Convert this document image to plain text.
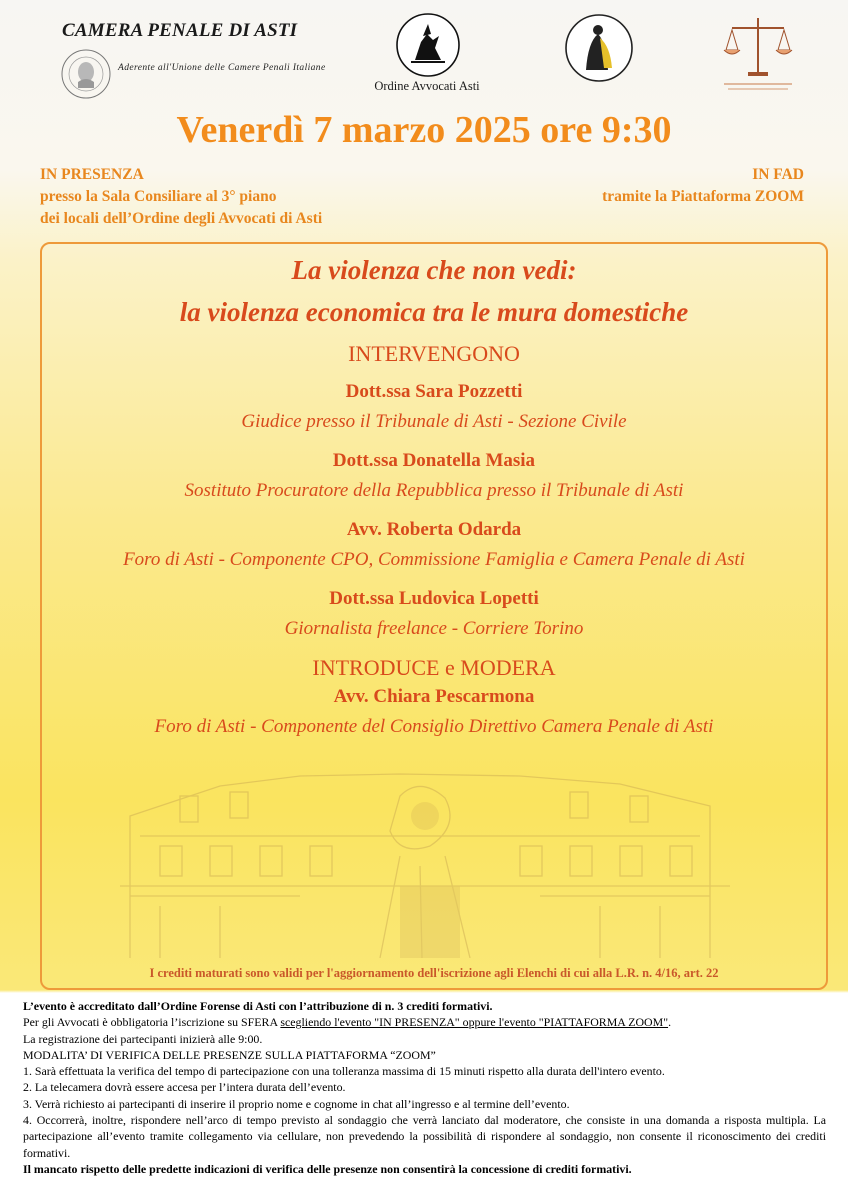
CAMERA PENALE DI ASTI
Aderente all'Unione delle Camere Penali Italiane
Ordine Avvocati Asti
Venerdì 7 marzo 2025 ore 9:30
IN PRESENZA
presso la Sala Consiliare al 3° piano
dei locali dell’Ordine degli Avvocati di Asti
IN FAD
tramite la Piattaforma ZOOM
La violenza che non vedi:
la violenza economica tra le mura domestiche
INTERVENGONO
Dott.ssa Sara Pozzetti
Giudice presso il Tribunale di Asti - Sezione Civile
Dott.ssa Donatella Masia
Sostituto Procuratore della Repubblica presso il Tribunale di Asti
Avv. Roberta Odarda
Foro di Asti - Componente CPO, Commissione Famiglia e Camera Penale di Asti
Dott.ssa Ludovica Lopetti
Giornalista freelance - Corriere Torino
INTRODUCE e MODERA
Avv. Chiara Pescarmona
Foro di Asti - Componente del Consiglio Direttivo Camera Penale di Asti
I crediti maturati sono validi per l'aggiornamento dell'iscrizione agli Elenchi di cui alla L.R. n. 4/16, art. 22

L’evento è accreditato dall’Ordine Forense di Asti con l’attribuzione di n. 3 crediti formativi.

Per gli Avvocati è obbligatoria l’iscrizione su SFERA scegliendo l'evento "IN PRESENZA" oppure l'evento "PIATTAFORMA ZOOM".

La registrazione dei partecipanti inizierà alle 9:00.

MODALITA’ DI VERIFICA DELLE PRESENZE SULLA PIATTAFORMA “ZOOM”

1. Sarà effettuata la verifica del tempo di partecipazione con una tolleranza massima di 15 minuti rispetto alla durata dell'intero evento.

2. La telecamera dovrà essere accesa per l’intera durata dell’evento.

3. Verrà richiesto ai partecipanti di inserire il proprio nome e cognome in chat all’ingresso e al termine dell’evento.

4. Occorrerà, inoltre, rispondere nell’arco di tempo previsto al sondaggio che verrà lanciato dal moderatore, che consiste in una domanda a risposta multipla. La partecipazione all’evento tramite collegamento via cellulare, non prevedendo la possibilità di rispondere al sondaggio, non consente il riconoscimento dei crediti formativi.

Il mancato rispetto delle predette indicazioni di verifica delle presenze non consentirà la concessione di crediti formativi.
